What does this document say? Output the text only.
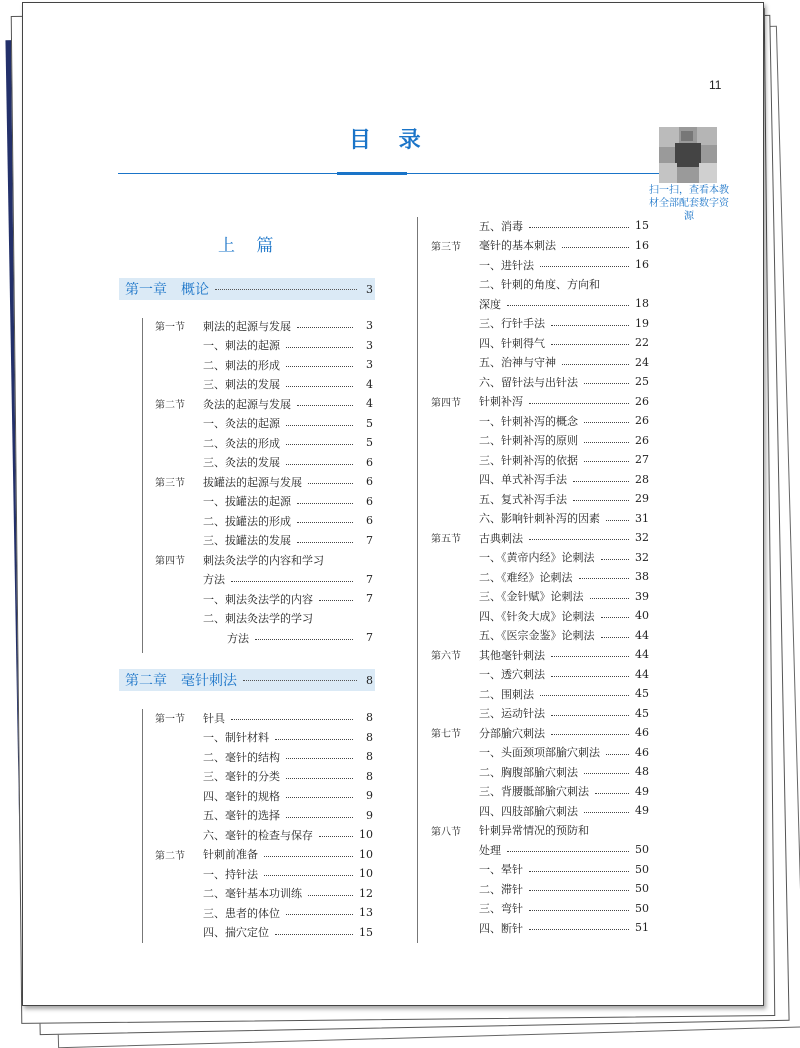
11
目 录
扫一扫，查看本教材全部配套数字资源
上 篇
第一章　概论	3
第一节	刺法的起源与发展	3
一、刺法的起源	3
二、刺法的形成	3
三、刺法的发展	4
第二节	灸法的起源与发展	4
一、灸法的起源	5
二、灸法的形成	5
三、灸法的发展	6
第三节	拔罐法的起源与发展	6
一、拔罐法的起源	6
二、拔罐法的形成	6
三、拔罐法的发展	7
第四节	刺法灸法学的内容和学习
方法	7
一、刺法灸法学的内容	7
二、刺法灸法学的学习
方法	7
第二章　毫针刺法	8
第一节	针具	8
一、制针材料	8
二、毫针的结构	8
三、毫针的分类	8
四、毫针的规格	9
五、毫针的选择	9
六、毫针的检查与保存	10
第二节	针刺前准备	10
一、持针法	10
二、毫针基本功训练	12
三、患者的体位	13
四、揣穴定位	15
五、消毒	15
第三节	毫针的基本刺法	16
一、进针法	16
二、针刺的角度、方向和
深度	18
三、行针手法	19
四、针刺得气	22
五、治神与守神	24
六、留针法与出针法	25
第四节	针刺补泻	26
一、针刺补泻的概念	26
二、针刺补泻的原则	26
三、针刺补泻的依据	27
四、单式补泻手法	28
五、复式补泻手法	29
六、影响针刺补泻的因素	31
第五节	古典刺法	32
一、《黄帝内经》论刺法	32
二、《难经》论刺法	38
三、《金针赋》论刺法	39
四、《针灸大成》论刺法	40
五、《医宗金鉴》论刺法	44
第六节	其他毫针刺法	44
一、透穴刺法	44
二、围刺法	45
三、运动针法	45
第七节	分部腧穴刺法	46
一、头面颈项部腧穴刺法	46
二、胸腹部腧穴刺法	48
三、背腰骶部腧穴刺法	49
四、四肢部腧穴刺法	49
第八节	针刺异常情况的预防和
处理	50
一、晕针	50
二、滞针	50
三、弯针	50
四、断针	51
